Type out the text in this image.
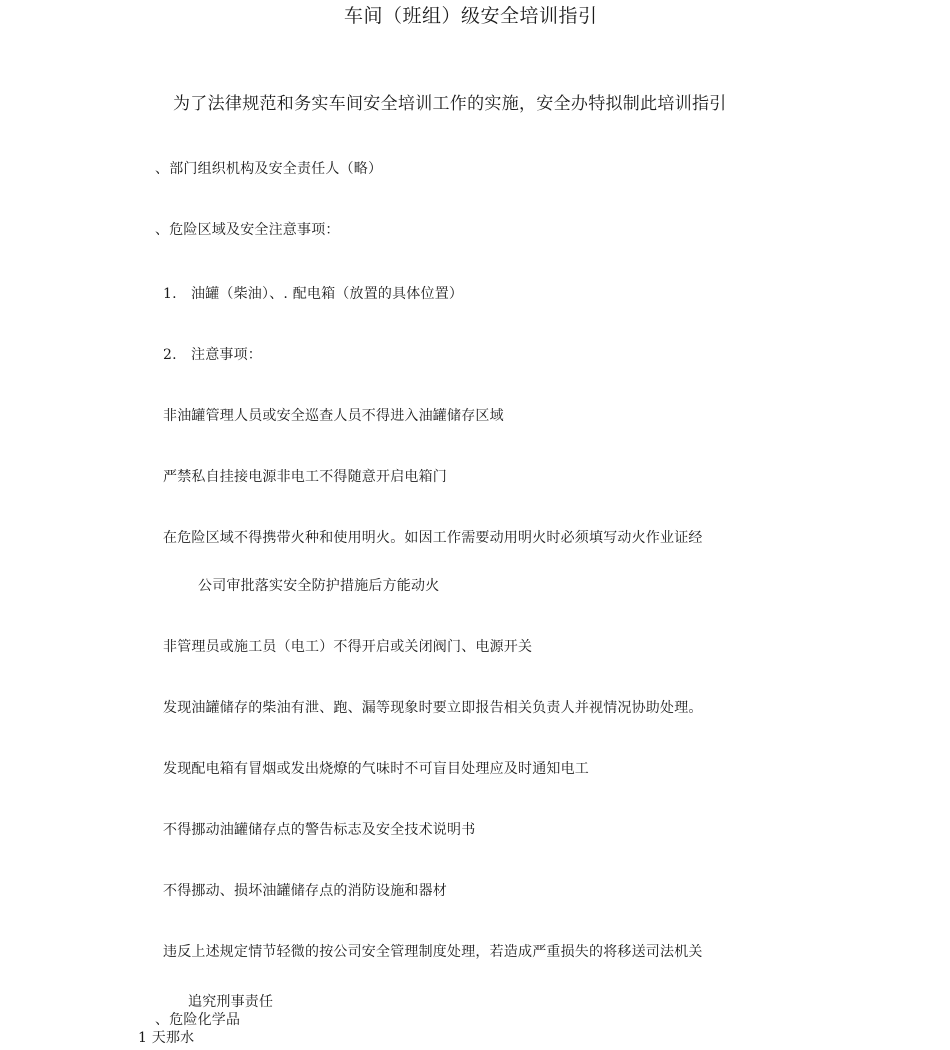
车间（班组）级安全培训指引
为了法律规范和务实车间安全培训工作的实施，安全办特拟制此培训指引
、部门组织机构及安全责任人（略）
、危险区域及安全注意事项：
1. 油罐（柴油）、. 配电箱（放置的具体位置）
2. 注意事项：
非油罐管理人员或安全巡查人员不得进入油罐储存区域
严禁私自挂接电源非电工不得随意开启电箱门
在危险区域不得携带火种和使用明火。如因工作需要动用明火时必须填写动火作业证经
公司审批落实安全防护措施后方能动火
非管理员或施工员（电工）不得开启或关闭阀门、电源开关
发现油罐储存的柴油有泄、跑、漏等现象时要立即报告相关负责人并视情况协助处理。
发现配电箱有冒烟或发出烧燎的气味时不可盲目处理应及时通知电工
不得挪动油罐储存点的警告标志及安全技术说明书
不得挪动、损坏油罐储存点的消防设施和器材
违反上述规定情节轻微的按公司安全管理制度处理，若造成严重损失的将移送司法机关
追究刑事责任
、危险化学品
1 天那水
